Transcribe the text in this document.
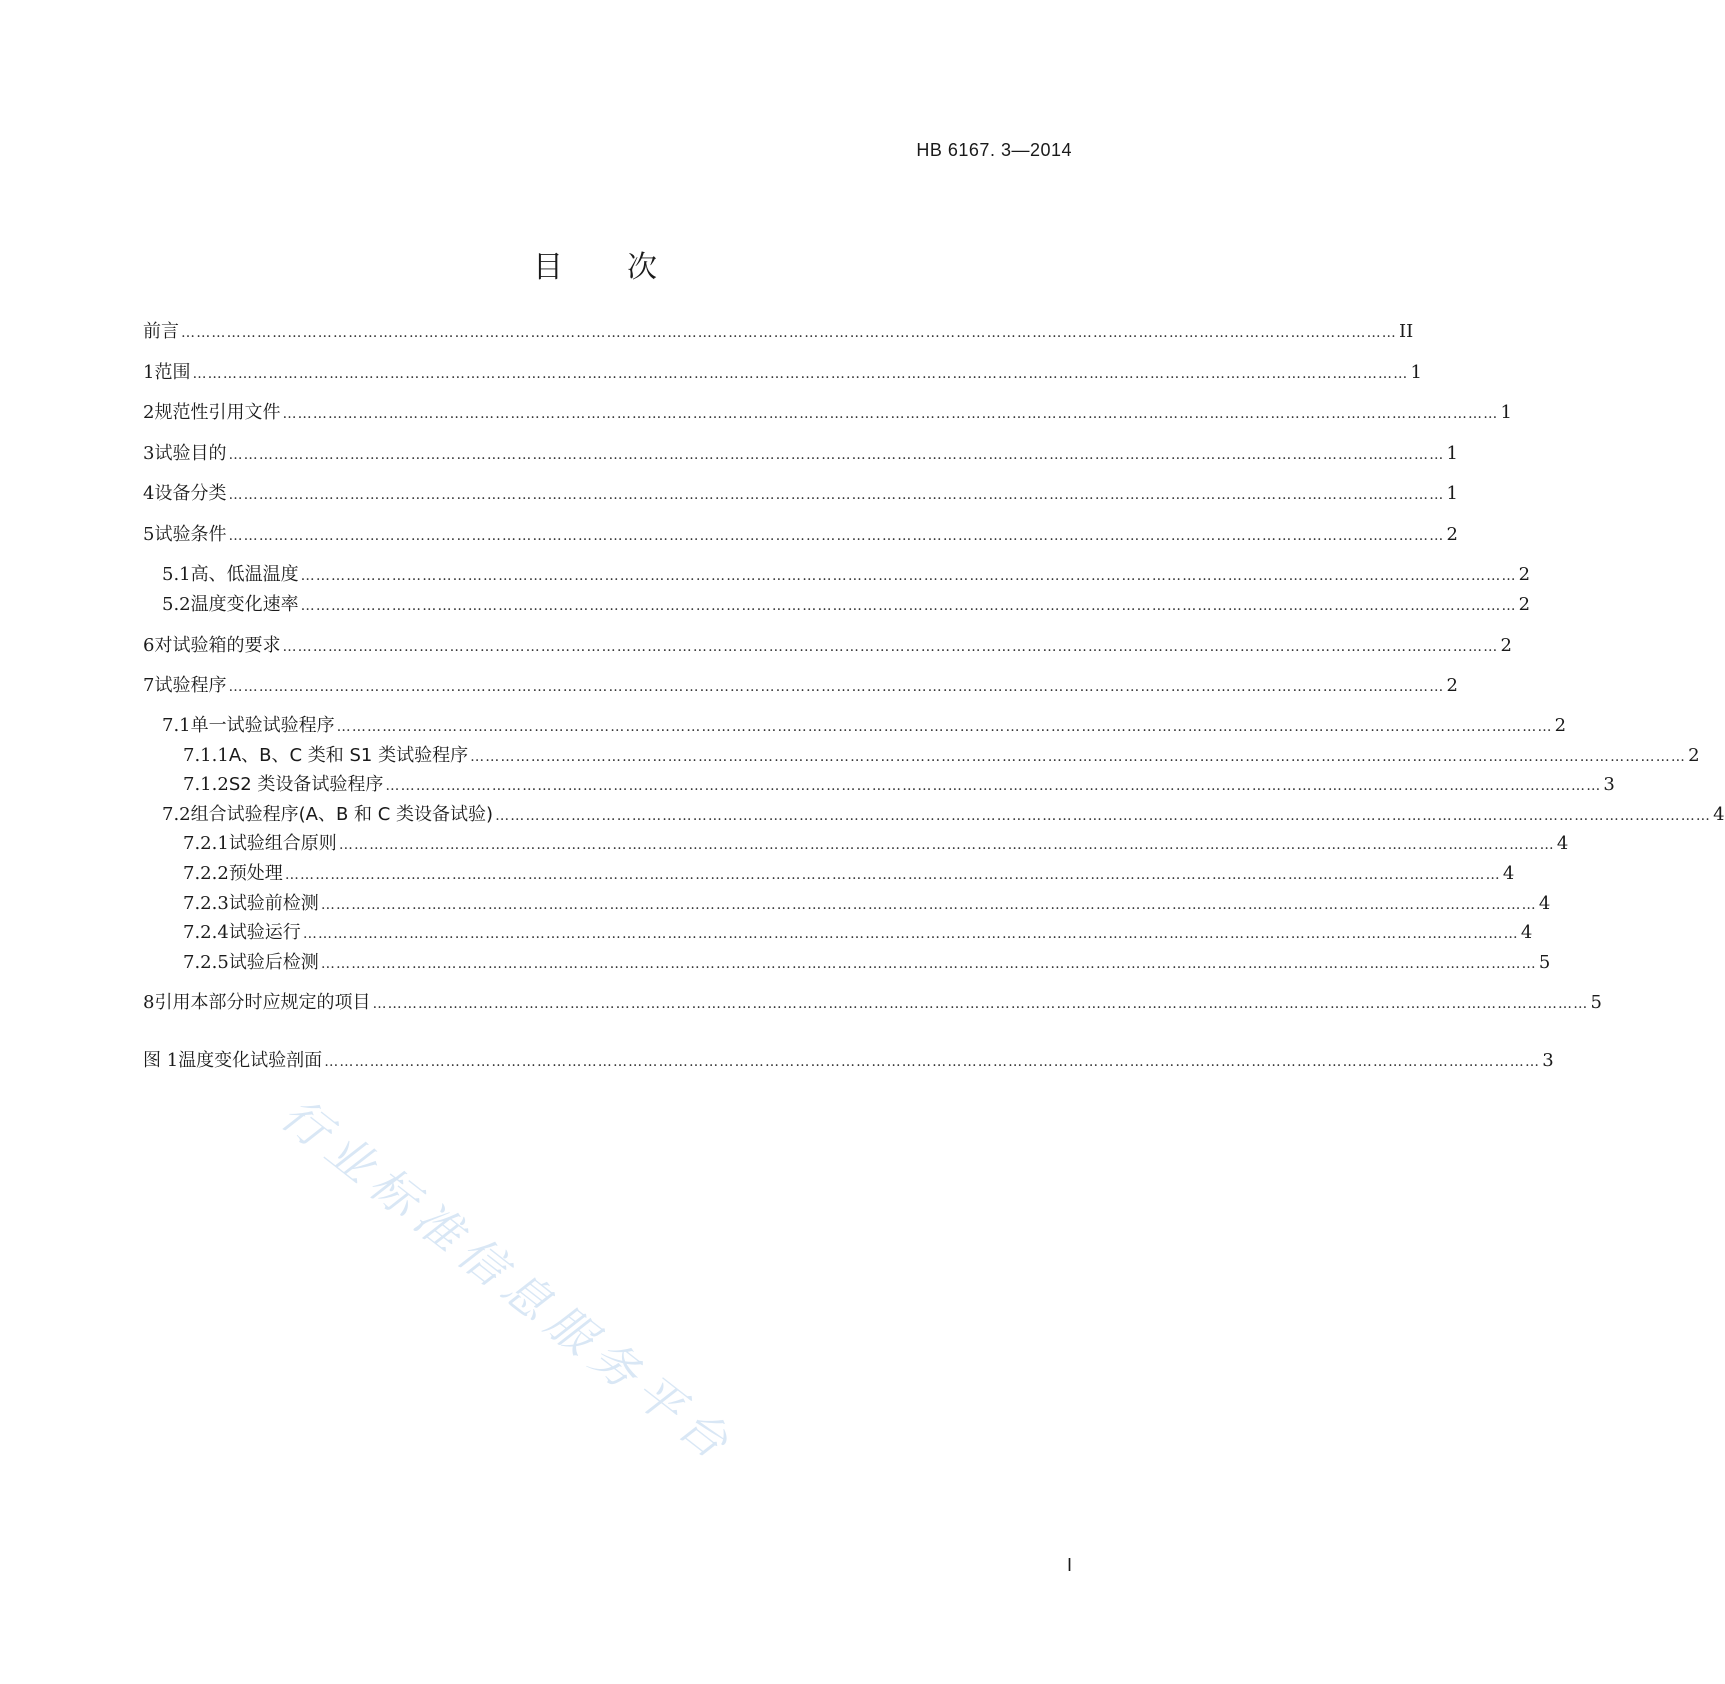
HB 6167. 3—2014
目 次
前言 …………………………………………………………………………………………………………………………………………………………………………………………………………………… II
1 范围 …………………………………………………………………………………………………………………………………………………………………………………………………………………… 1
2 规范性引用文件 …………………………………………………………………………………………………………………………………………………………………………………………………………………… 1
3 试验目的 …………………………………………………………………………………………………………………………………………………………………………………………………………………… 1
4 设备分类 …………………………………………………………………………………………………………………………………………………………………………………………………………………… 1
5 试验条件 …………………………………………………………………………………………………………………………………………………………………………………………………………………… 2
5.1 高、低温温度 …………………………………………………………………………………………………………………………………………………………………………………………………………………… 2
5.2 温度变化速率 …………………………………………………………………………………………………………………………………………………………………………………………………………………… 2
6 对试验箱的要求 …………………………………………………………………………………………………………………………………………………………………………………………………………………… 2
7 试验程序 …………………………………………………………………………………………………………………………………………………………………………………………………………………… 2
7.1 单一试验试验程序 …………………………………………………………………………………………………………………………………………………………………………………………………………………… 2
7.1.1 A、B、C 类和 S1 类试验程序 …………………………………………………………………………………………………………………………………………………………………………………………………………………… 2
7.1.2 S2 类设备试验程序 …………………………………………………………………………………………………………………………………………………………………………………………………………………… 3
7.2 组合试验程序(A、B 和 C 类设备试验) …………………………………………………………………………………………………………………………………………………………………………………………………………………… 4
7.2.1 试验组合原则 …………………………………………………………………………………………………………………………………………………………………………………………………………………… 4
7.2.2 预处理 …………………………………………………………………………………………………………………………………………………………………………………………………………………… 4
7.2.3 试验前检测 …………………………………………………………………………………………………………………………………………………………………………………………………………………… 4
7.2.4 试验运行 …………………………………………………………………………………………………………………………………………………………………………………………………………………… 4
7.2.5 试验后检测 …………………………………………………………………………………………………………………………………………………………………………………………………………………… 5
8 引用本部分时应规定的项目 …………………………………………………………………………………………………………………………………………………………………………………………………………………… 5
图 1 温度变化试验剖面 …………………………………………………………………………………………………………………………………………………………………………………………………………………… 3
行业标准信息服务平台
I
